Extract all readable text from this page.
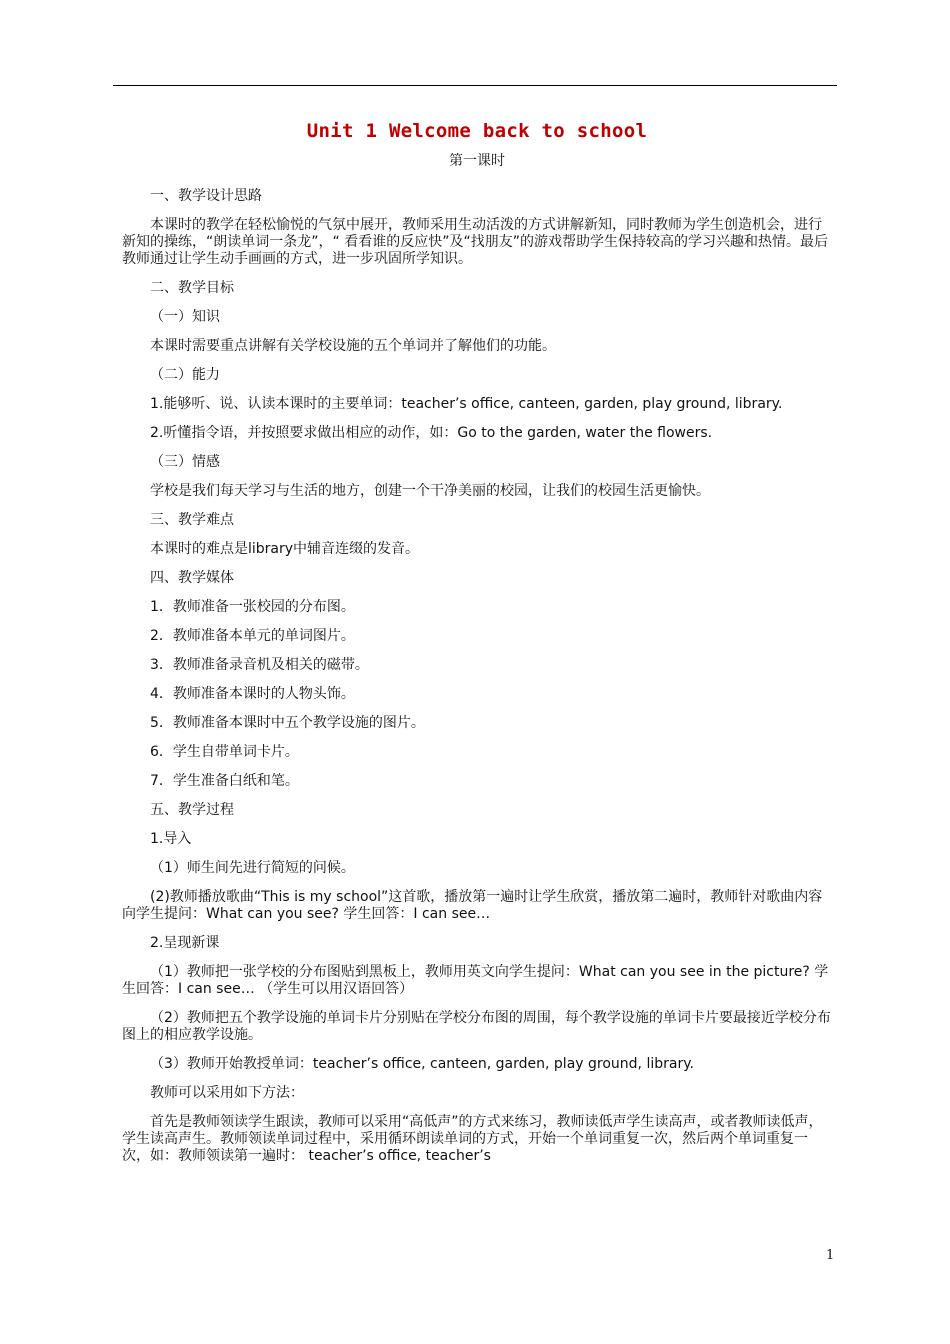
Unit 1 Welcome back to school
第一课时
一、教学设计思路
本课时的教学在轻松愉悦的气氛中展开，教师采用生动活泼的方式讲解新知，同时教师为学生创造机会，进行新知的操练，“朗读单词一条龙”，“ 看看谁的反应快”及“找朋友”的游戏帮助学生保持较高的学习兴趣和热情。最后教师通过让学生动手画画的方式，进一步巩固所学知识。
二、教学目标
（一）知识
本课时需要重点讲解有关学校设施的五个单词并了解他们的功能。
（二）能力
1.能够听、说、认读本课时的主要单词：teacher’s office, canteen, garden, play ground, library.
2.听懂指令语，并按照要求做出相应的动作，如：Go to the garden, water the flowers.
（三）情感
学校是我们每天学习与生活的地方，创建一个干净美丽的校园，让我们的校园生活更愉快。
三、教学难点
本课时的难点是library中辅音连缀的发音。
四、教学媒体
1．教师准备一张校园的分布图。
2．教师准备本单元的单词图片。
3．教师准备录音机及相关的磁带。
4．教师准备本课时的人物头饰。
5．教师准备本课时中五个教学设施的图片。
6．学生自带单词卡片。
7．学生准备白纸和笔。
五、教学过程
1.导入
（1）师生间先进行简短的问候。
(2)教师播放歌曲“This is my school”这首歌，播放第一遍时让学生欣赏，播放第二遍时，教师针对歌曲内容向学生提问：What can you see? 学生回答：I can see…
2.呈现新课
（1）教师把一张学校的分布图贴到黑板上，教师用英文向学生提问：What can you see in the picture? 学生回答：I can see… （学生可以用汉语回答）
（2）教师把五个教学设施的单词卡片分别贴在学校分布图的周围，每个教学设施的单词卡片要最接近学校分布图上的相应教学设施。
（3）教师开始教授单词：teacher’s office, canteen, garden, play ground, library.
教师可以采用如下方法：
首先是教师领读学生跟读，教师可以采用“高低声”的方式来练习，教师读低声学生读高声，或者教师读低声，学生读高声生。教师领读单词过程中，采用循环朗读单词的方式，开始一个单词重复一次，然后两个单词重复一次，如：教师领读第一遍时： teacher’s office, teacher’s
1
